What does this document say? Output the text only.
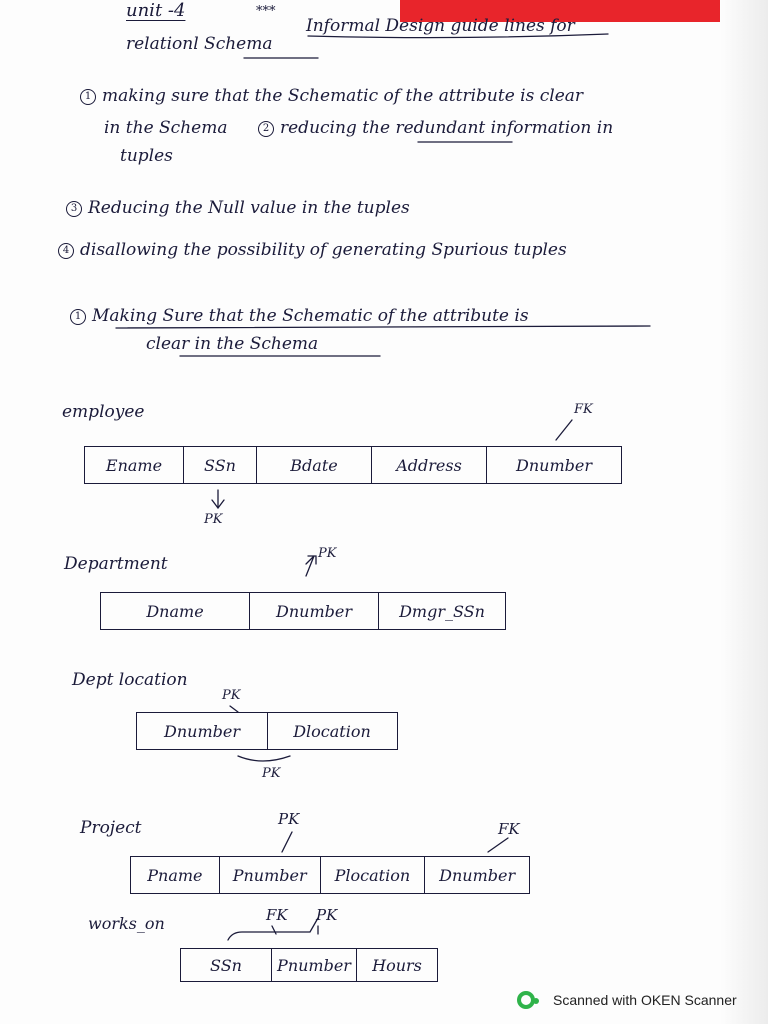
unit -4	***
Informal Design guide lines for
relationl Schema
1 making sure that the Schematic of the attribute is clear
in the Schema	2 reducing the redundant information in
tuples
3 Reducing the Null value in the tuples
4 disallowing the possibility of generating Spurious tuples
1 Making Sure that the Schematic of the attribute is
clear in the Schema
employee	FK
Ename	SSn	Bdate	Address	Dnumber
PK
Department
PK
Dname	Dnumber	Dmgr_SSn
Dept location
PK
Dnumber	Dlocation
PK
Project	PK
FK
Pname	Pnumber	Plocation	Dnumber
works_on	FK PK
SSn	Pnumber	Hours
Scanned with OKEN Scanner
